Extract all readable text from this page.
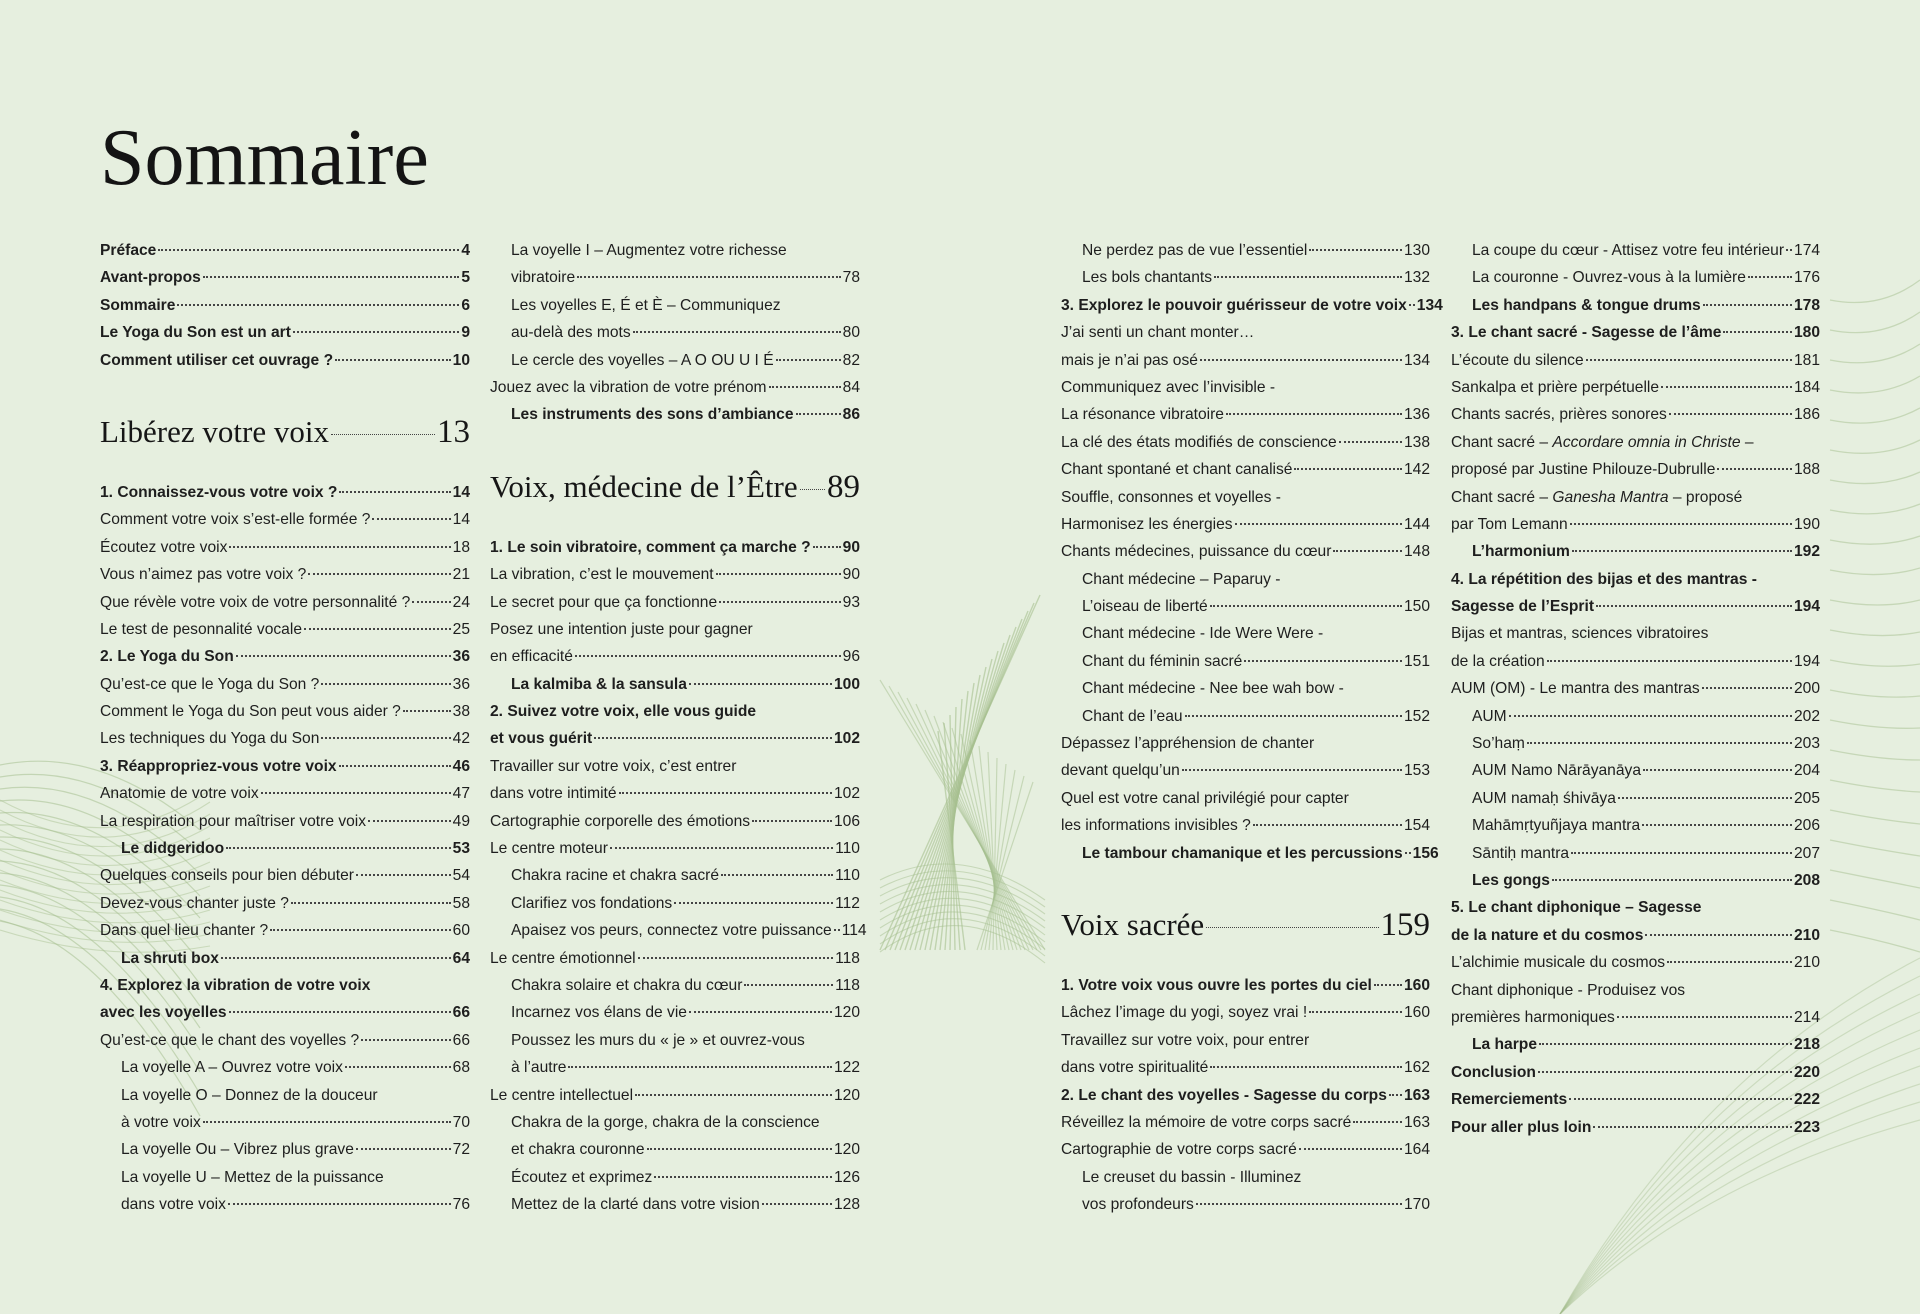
Sommaire
Préface	4
Avant-propos	5
Sommaire	6
Le Yoga du Son est un art	9
Comment utiliser cet ouvrage ?	10
Libérez votre voix	13
1. Connaissez-vous votre voix ?	14
Comment votre voix s’est-elle formée ?	14
Écoutez votre voix	18
Vous n’aimez pas votre voix ?	21
Que révèle votre voix de votre personnalité ?	24
Le test de pesonnalité vocale	25
2. Le Yoga du Son	36
Qu’est-ce que le Yoga du Son ?	36
Comment le Yoga du Son peut vous aider ?	38
Les techniques du Yoga du Son	42
3. Réappropriez-vous votre voix	46
Anatomie de votre voix	47
La respiration pour maîtriser votre voix	49
Le didgeridoo	53
Quelques conseils pour bien débuter	54
Devez-vous chanter juste ?	58
Dans quel lieu chanter ?	60
La shruti box	64
4. Explorez la vibration de votre voix
avec les voyelles	66
Qu’est-ce que le chant des voyelles ?	66
La voyelle A – Ouvrez votre voix	68
La voyelle O – Donnez de la douceur
à votre voix	70
La voyelle Ou – Vibrez plus grave	72
La voyelle U – Mettez de la puissance
dans votre voix	76
La voyelle I – Augmentez votre richesse
vibratoire	78
Les voyelles E, É et È – Communiquez
au-delà des mots	80
Le cercle des voyelles – A O OU U I É	82
Jouez avec la vibration de votre prénom	84
Les instruments des sons d’ambiance	86
Voix, médecine de l’Être 89
1. Le soin vibratoire, comment ça marche ? 90
La vibration, c’est le mouvement	90
Le secret pour que ça fonctionne	93
Posez une intention juste pour gagner
en efficacité	96
La kalmiba & la sansula	100
2. Suivez votre voix, elle vous guide
et vous guérit	102
Travailler sur votre voix, c’est entrer
dans votre intimité	102
Cartographie corporelle des émotions	106
Le centre moteur	110
Chakra racine et chakra sacré	110
Clarifiez vos fondations	112
Apaisez vos peurs, connectez votre puissance 114
Le centre émotionnel	118
Chakra solaire et chakra du cœur	118
Incarnez vos élans de vie	120
Poussez les murs du « je » et ouvrez-vous
à l’autre	122
Le centre intellectuel	120
Chakra de la gorge, chakra de la conscience
et chakra couronne	120
Écoutez et exprimez	126
Mettez de la clarté dans votre vision	128
Ne perdez pas de vue l’essentiel	130
Les bols chantants	132
3. Explorez le pouvoir guérisseur de votre voix 134
J’ai senti un chant monter…
mais je n’ai pas osé	134
Communiquez avec l’invisible -
La résonance vibratoire	136
La clé des états modifiés de conscience	138
Chant spontané et chant canalisé	142
Souffle, consonnes et voyelles -
Harmonisez les énergies	144
Chants médecines, puissance du cœur	148
Chant médecine – Paparuy -
L’oiseau de liberté	150
Chant médecine - Ide Were Were -
Chant du féminin sacré	151
Chant médecine - Nee bee wah bow -
Chant de l’eau	152
Dépassez l’appréhension de chanter
devant quelqu’un	153
Quel est votre canal privilégié pour capter
les informations invisibles ?	154
Le tambour chamanique et les percussions 156
Voix sacrée	159
1. Votre voix vous ouvre les portes du ciel 160
Lâchez l’image du yogi, soyez vrai !	160
Travaillez sur votre voix, pour entrer
dans votre spiritualité	162
2. Le chant des voyelles - Sagesse du corps 163
Réveillez la mémoire de votre corps sacré	163
Cartographie de votre corps sacré	164
Le creuset du bassin - Illuminez
vos profondeurs	170
La coupe du cœur - Attisez votre feu intérieur 174
La couronne - Ouvrez-vous à la lumière	176
Les handpans & tongue drums	178
3. Le chant sacré - Sagesse de l’âme	180
L’écoute du silence	181
Sankalpa et prière perpétuelle	184
Chants sacrés, prières sonores	186
Chant sacré – Accordare omnia in Christe –
proposé par Justine Philouze-Dubrulle	188
Chant sacré – Ganesha Mantra – proposé
par Tom Lemann	190
L’harmonium	192
4. La répétition des bijas et des mantras -
Sagesse de l’Esprit	194
Bijas et mantras, sciences vibratoires
de la création	194
AUM (OM) - Le mantra des mantras	200
AUM	202
So’haṃ	203
AUM Namo Nārāyanāya	204
AUM namaḥ śhivāya	205
Mahāmṛtyuñjaya mantra	206
Sāntiḥ mantra	207
Les gongs	208
5. Le chant diphonique – Sagesse
de la nature et du cosmos	210
L’alchimie musicale du cosmos	210
Chant diphonique - Produisez vos
premières harmoniques	214
La harpe	218
Conclusion	220
Remerciements	222
Pour aller plus loin	223
